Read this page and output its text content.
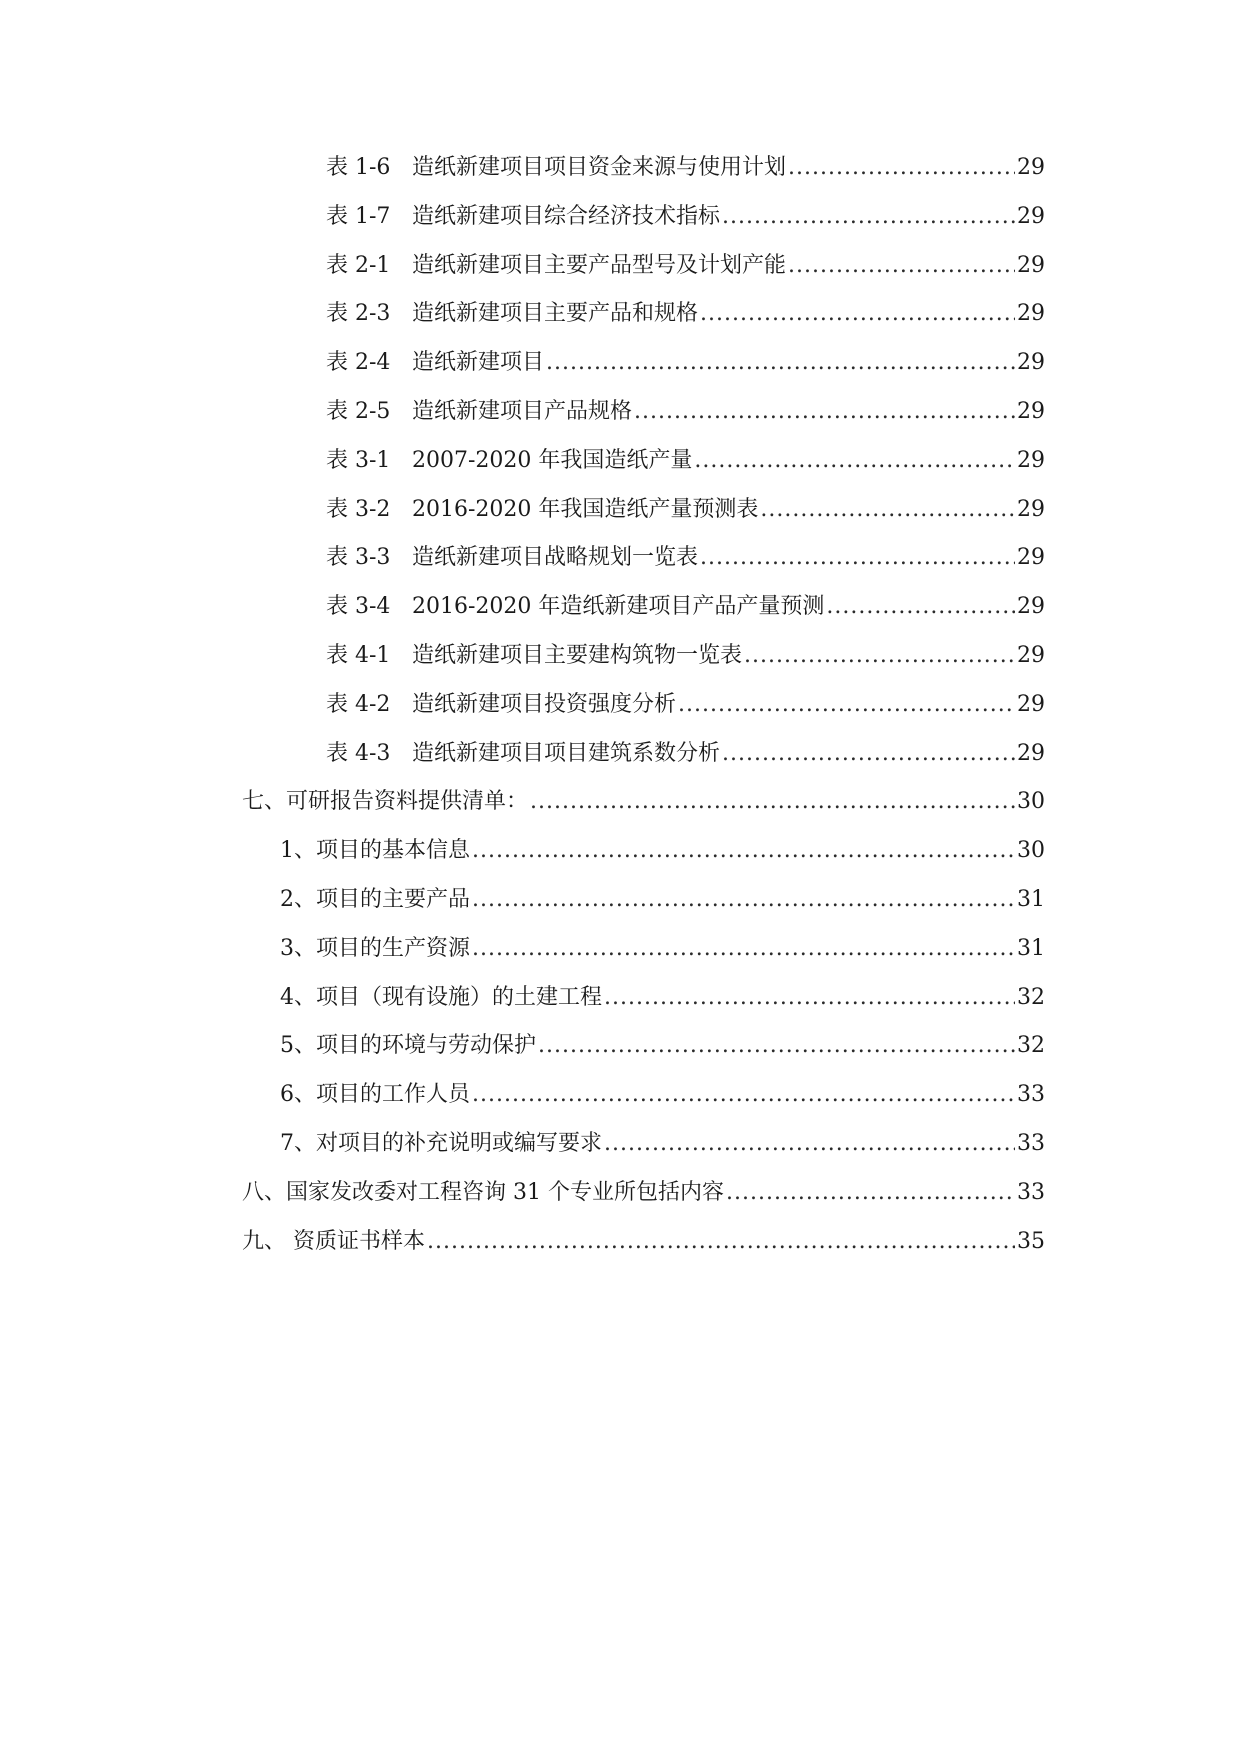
表 1-6 造纸新建项目项目资金来源与使用计划 .....	29
表 1-7 造纸新建项目综合经济技术指标 .....	29
表 2-1 造纸新建项目主要产品型号及计划产能 .....	29
表 2-3 造纸新建项目主要产品和规格 .....	29
表 2-4 造纸新建项目 .....	29
表 2-5 造纸新建项目产品规格 .....	29
表 3-1 2007-2020 年我国造纸产量 .....	29
表 3-2 2016-2020 年我国造纸产量预测表 .....	29
表 3-3 造纸新建项目战略规划一览表 .....	29
表 3-4 2016-2020 年造纸新建项目产品产量预测 .....	29
表 4-1 造纸新建项目主要建构筑物一览表 .....	29
表 4-2 造纸新建项目投资强度分析 .....	29
表 4-3 造纸新建项目项目建筑系数分析 .....	29
七、可研报告资料提供清单： .....	30
1、项目的基本信息 .....	30
2、项目的主要产品 .....	31
3、项目的生产资源 .....	31
4、项目（现有设施）的土建工程 .....	32
5、项目的环境与劳动保护 .....	32
6、项目的工作人员 .....	33
7、对项目的补充说明或编写要求 .....	33
八、国家发改委对工程咨询 31 个专业所包括内容 .....	33
九、 资质证书样本 .....	35
